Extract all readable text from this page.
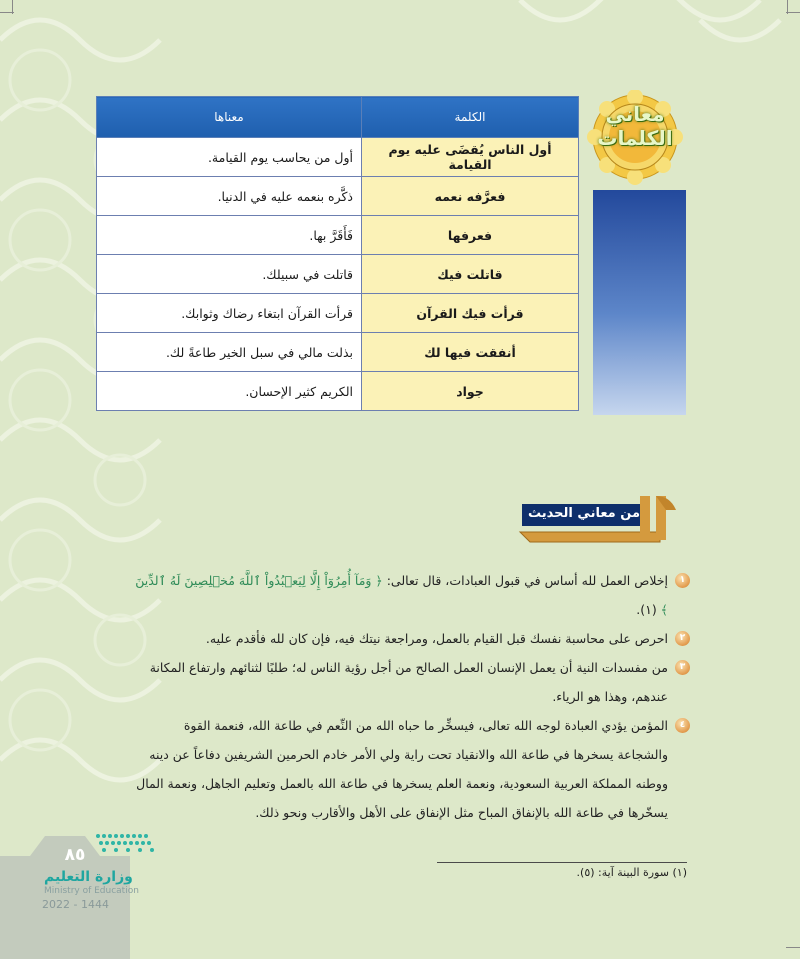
معاني
الكلمات
الكلمة	معناها
أول الناس يُقضَى عليه يوم القيامة	أول من يحاسب يوم القيامة.
فعرَّفه نعمه	ذكَّره بنعمه عليه في الدنيا.
فعرفها	فَأَقَرَّ بها.
قاتلت فيك	قاتلت في سبيلك.
قرأت فيك القرآن	قرأت القرآن ابتغاء رضاك وثوابك.
أنفقت فيها لك	بذلت مالي في سبل الخير طاعةً لك.
جواد	الكريم كثير الإحسان.
من معاني الحديث
١
إخلاص العمل لله أساس في قبول العبادات، قال تعالى: ﴿ وَمَآ أُمِرُوٓاْ إِلَّا لِيَعۡبُدُواْ ٱللَّهَ مُخۡلِصِينَ لَهُ ٱلدِّينَ ﴾ (١).
٢
احرص على محاسبة نفسك قبل القيام بالعمل، ومراجعة نيتك فيه، فإن كان لله فأقدم عليه.
٣
من مفسدات النية أن يعمل الإنسان العمل الصالح من أجل رؤية الناس له؛ طلبًا لثنائهم وارتفاع المكانة عندهم، وهذا هو الرياء.
٤
المؤمن يؤدي العبادة لوجه الله تعالى، فيسخِّر ما حباه الله من النِّعم في طاعة الله، فنعمة القوة والشجاعة يسخرها في طاعة الله والانقياد تحت راية ولي الأمر خادم الحرمين الشريفين دفاعاً عن دينه ووطنه المملكة العربية السعودية، ونعمة العلم يسخرها في طاعة الله بالعمل وتعليم الجاهل، ونعمة المال يسخّرها في طاعة الله بالإنفاق المباح مثل الإنفاق على الأهل والأقارب ونحو ذلك.
(١) سورة البينة آية: (٥).
٨٥
وزارة التعليم
Ministry of Education
2022 - 1444
